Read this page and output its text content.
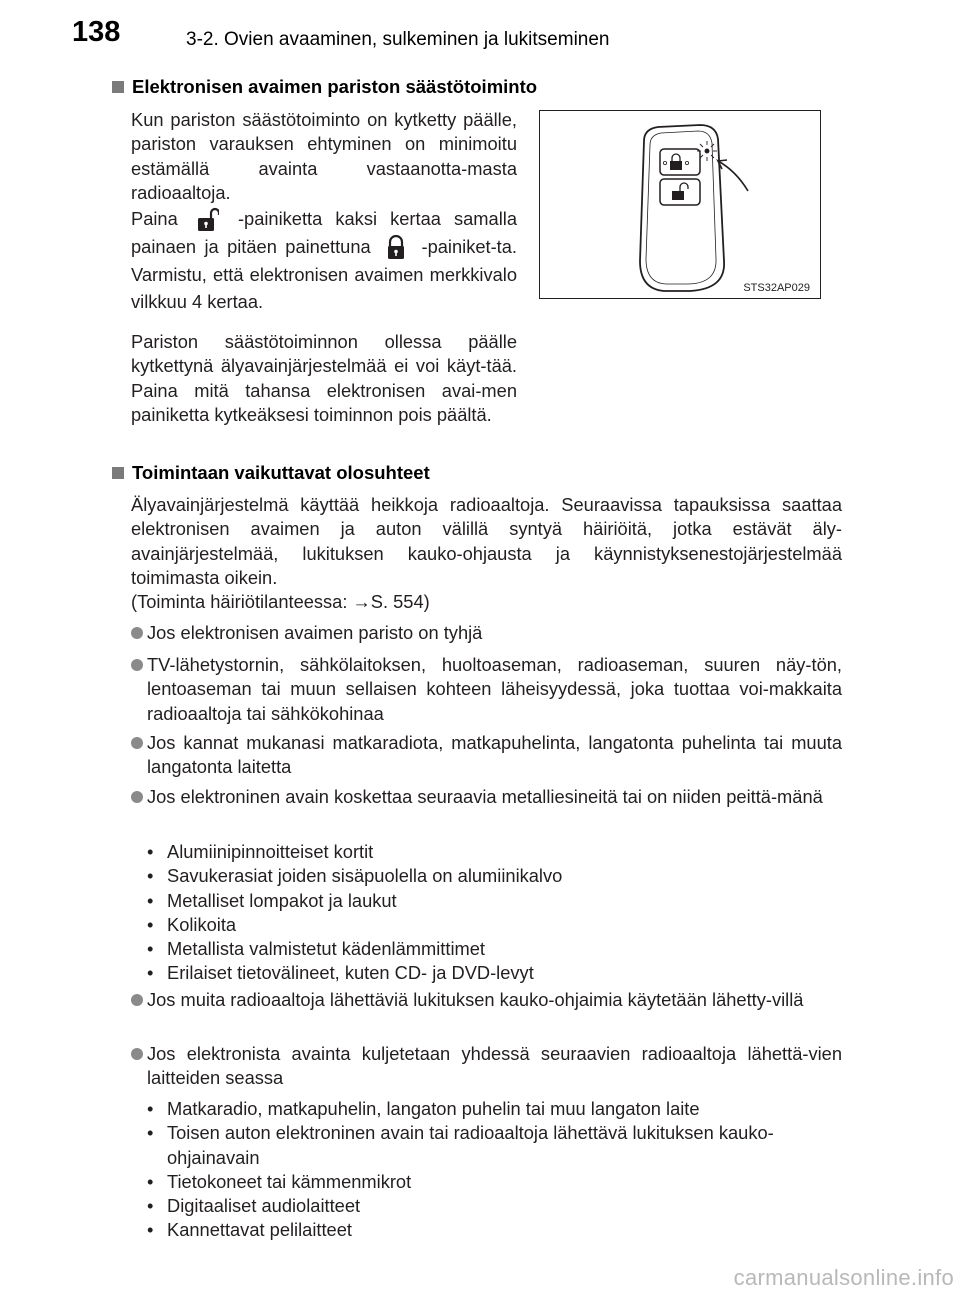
138	3-2. Ovien avaaminen, sulkeminen ja lukitseminen
Elektronisen avaimen pariston säästötoiminto

Kun pariston säästötoiminto on kytketty päälle, pariston varauksen ehtyminen on minimoitu estämällä avainta vastaanotta-masta radioaaltoja.

Paina	-painiketta kaksi kertaa samalla painaen ja pitäen painettuna	-painiket-ta. Varmistu, että elektronisen avaimen merkkivalo vilkkuu 4 kertaa.

Pariston säästötoiminnon ollessa päälle kytkettynä älyavainjärjestelmää ei voi käyt-tää. Paina mitä tahansa elektronisen avai-men painiketta kytkeäksesi toiminnon pois päältä.

STS32AP029
Toimintaan vaikuttavat olosuhteet

Älyavainjärjestelmä käyttää heikkoja radioaaltoja. Seuraavissa tapauksissa saattaa elektronisen avaimen ja auton välillä syntyä häiriöitä, jotka estävät äly-avainjärjestelmää, lukituksen kauko-ohjausta ja käynnistyksenestojärjestelmää toimimasta oikein.

(Toiminta häiriötilanteessa: →S. 554)

Jos elektronisen avaimen paristo on tyhjä
TV-lähetystornin, sähkölaitoksen, huoltoaseman, radioaseman, suuren näy-tön, lentoaseman tai muun sellaisen kohteen läheisyydessä, joka tuottaa voi-makkaita radioaaltoja tai sähkökohinaa
Jos kannat mukanasi matkaradiota, matkapuhelinta, langatonta puhelinta tai muuta langatonta laitetta
Jos elektroninen avain koskettaa seuraavia metalliesineitä tai on niiden peittä-mänä
• Alumiinipinnoitteiset kortit
• Savukerasiat joiden sisäpuolella on alumiinikalvo
• Metalliset lompakot ja laukut
• Kolikoita
• Metallista valmistetut kädenlämmittimet
• Erilaiset tietovälineet, kuten CD- ja DVD-levyt
Jos muita radioaaltoja lähettäviä lukituksen kauko-ohjaimia käytetään lähetty-villä
Jos elektronista avainta kuljetetaan yhdessä seuraavien radioaaltoja lähettä-vien laitteiden seassa
• Matkaradio, matkapuhelin, langaton puhelin tai muu langaton laite
• Toisen auton elektroninen avain tai radioaaltoja lähettävä lukituksen kauko-ohjainavain
• Tietokoneet tai kämmenmikrot
• Digitaaliset audiolaitteet
• Kannettavat pelilaitteet
carmanualsonline.info
